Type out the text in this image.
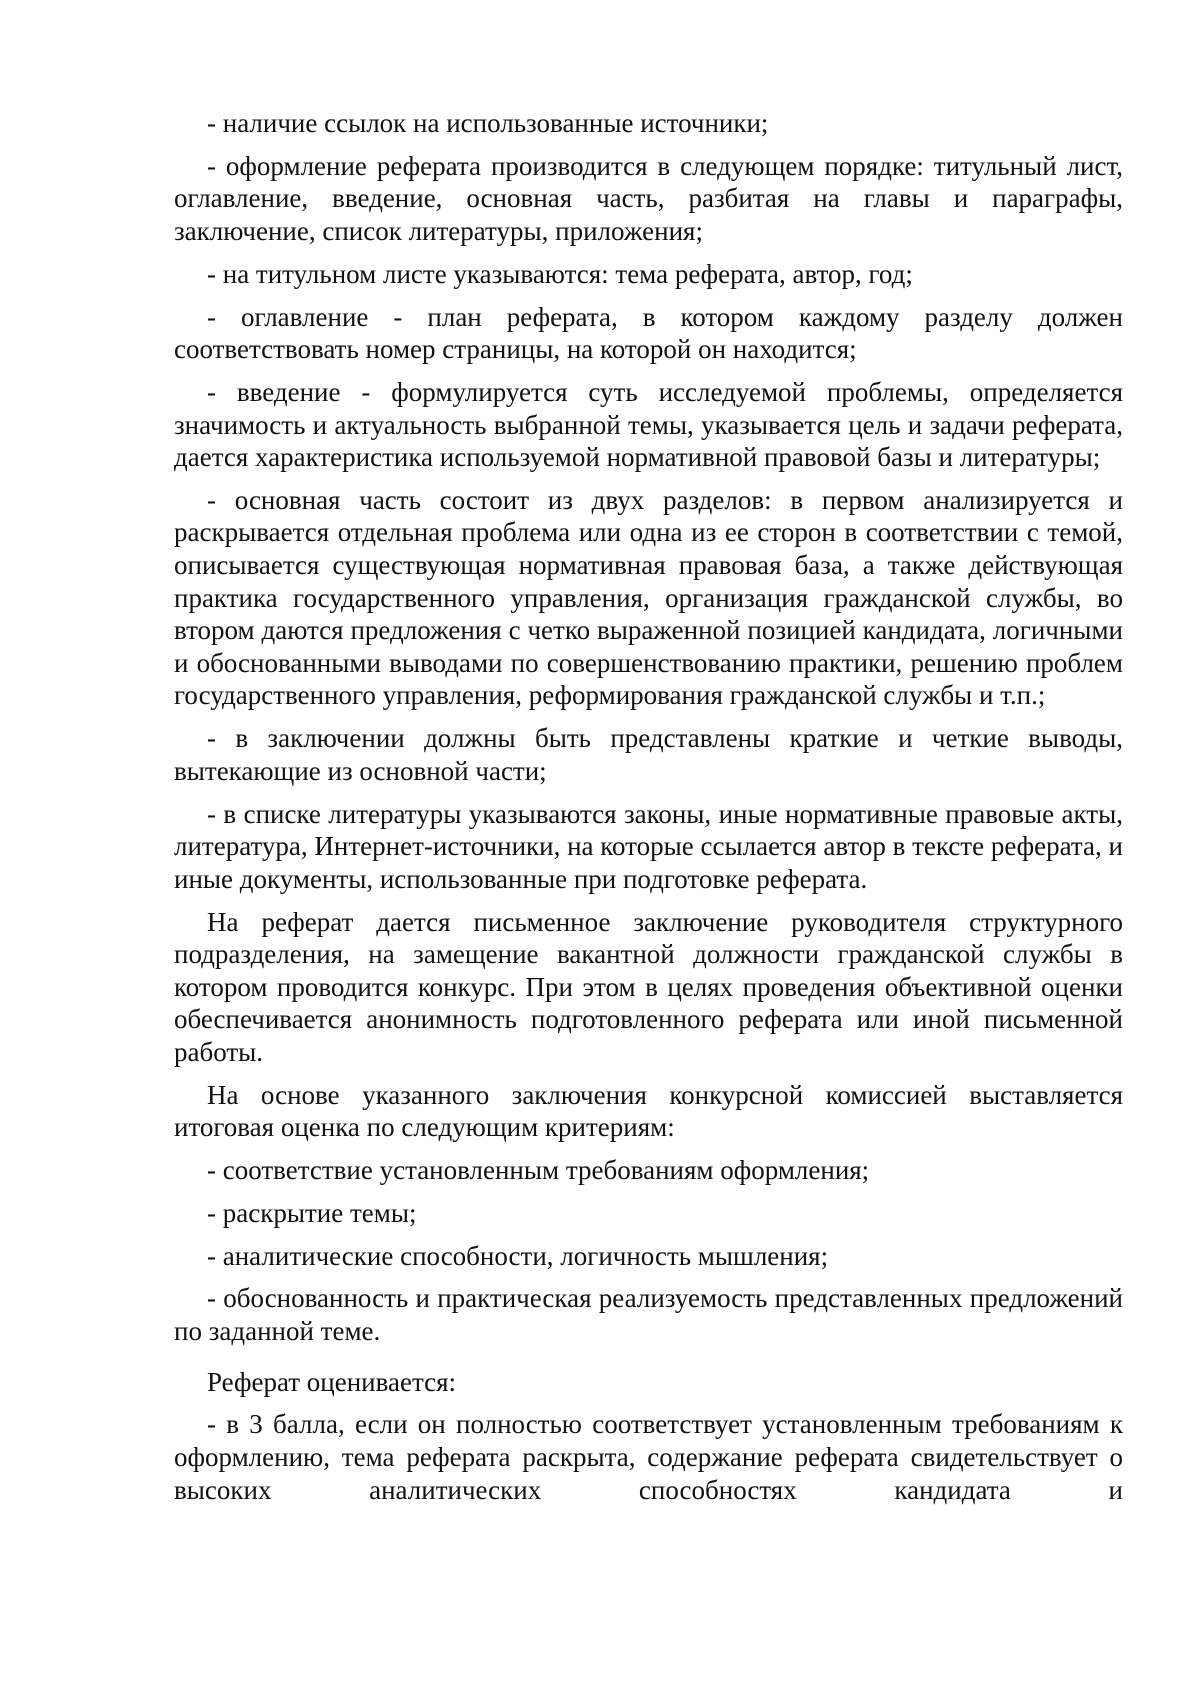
- наличие ссылок на использованные источники;

- оформление реферата производится в следующем порядке: титульный лист, оглавление, введение, основная часть, разбитая на главы и параграфы, заключение, список литературы, приложения;

- на титульном листе указываются: тема реферата, автор, год;

- оглавление - план реферата, в котором каждому разделу должен соответствовать номер страницы, на которой он находится;

- введение - формулируется суть исследуемой проблемы, определяется значимость и актуальность выбранной темы, указывается цель и задачи реферата, дается характеристика используемой нормативной правовой базы и литературы;

- основная часть состоит из двух разделов: в первом анализируется и раскрывается отдельная проблема или одна из ее сторон в соответствии с темой, описывается существующая нормативная правовая база, а также действующая практика государственного управления, организация гражданской службы, во втором даются предложения с четко выраженной позицией кандидата, логичными и обоснованными выводами по совершенствованию практики, решению проблем государственного управления, реформирования гражданской службы и т.п.;

- в заключении должны быть представлены краткие и четкие выводы, вытекающие из основной части;

- в списке литературы указываются законы, иные нормативные правовые акты, литература, Интернет-источники, на которые ссылается автор в тексте реферата, и иные документы, использованные при подготовке реферата.

На реферат дается письменное заключение руководителя структурного подразделения, на замещение вакантной должности гражданской службы в котором проводится конкурс. При этом в целях проведения объективной оценки обеспечивается анонимность подготовленного реферата или иной письменной работы.

На основе указанного заключения конкурсной комиссией выставляется итоговая оценка по следующим критериям:

- соответствие установленным требованиям оформления;

- раскрытие темы;

- аналитические способности, логичность мышления;

- обоснованность и практическая реализуемость представленных предложений по заданной теме.

Реферат оценивается:

- в 3 балла, если он полностью соответствует установленным требованиям к оформлению, тема реферата раскрыта, содержание реферата свидетельствует о высоких аналитических способностях кандидата и
